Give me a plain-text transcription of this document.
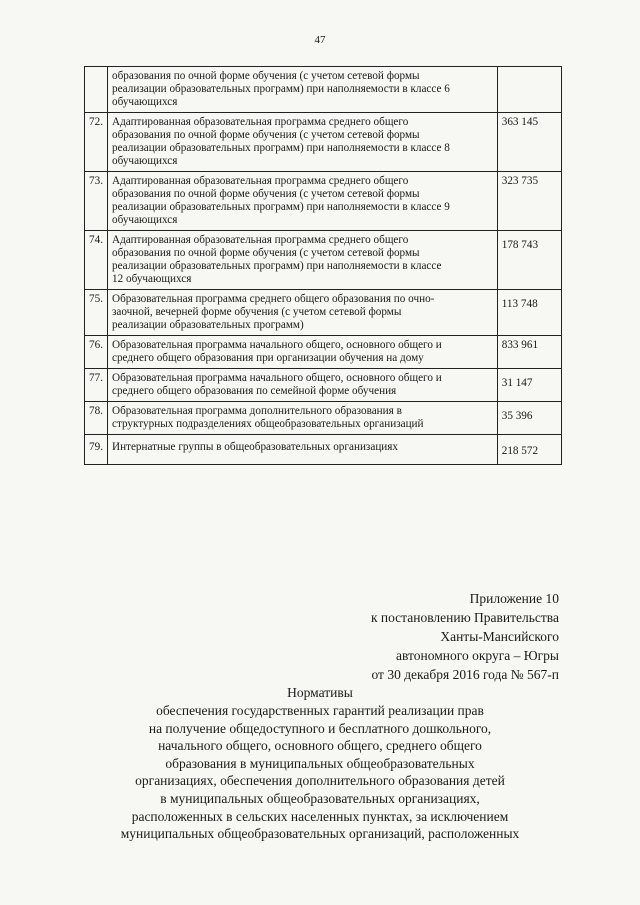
47

	образования по очной форме обучения (с учетом сетевой формы
реализации образовательных программ) при наполняемости в классе 6
обучающихся	

72.	Адаптированная образовательная программа среднего общего
образования по очной форме обучения (с учетом сетевой формы
реализации образовательных программ) при наполняемости в классе 8
обучающихся	363 145
73.	Адаптированная образовательная программа среднего общего
образования по очной форме обучения (с учетом сетевой формы
реализации образовательных программ) при наполняемости в классе 9
обучающихся	323 735
74.	Адаптированная образовательная программа среднего общего
образования по очной форме обучения (с учетом сетевой формы
реализации образовательных программ) при наполняемости в классе
12 обучающихся	178 743
75.	Образовательная программа среднего общего образования по очно-
заочной, вечерней форме обучения (с учетом сетевой формы
реализации образовательных программ)	113 748
76.	Образовательная программа начального общего, основного общего и
среднего общего образования при организации обучения на дому	833 961
77.	Образовательная программа начального общего, основного общего и
среднего общего образования по семейной форме обучения	31 147
78.	Образовательная программа дополнительного образования в
структурных подразделениях общеобразовательных организаций	35 396
79.	Интернатные группы в общеобразовательных организациях	218 572
Приложение 10
к постановлению Правительства
Ханты-Мансийского
автономного округа – Югры
от 30 декабря 2016 года № 567-п
Нормативы
обеспечения государственных гарантий реализации прав
на получение общедоступного и бесплатного дошкольного,
начального общего, основного общего, среднего общего
образования в муниципальных общеобразовательных
организациях, обеспечения дополнительного образования детей
в муниципальных общеобразовательных организациях,
расположенных в сельских населенных пунктах, за исключением
муниципальных общеобразовательных организаций, расположенных
